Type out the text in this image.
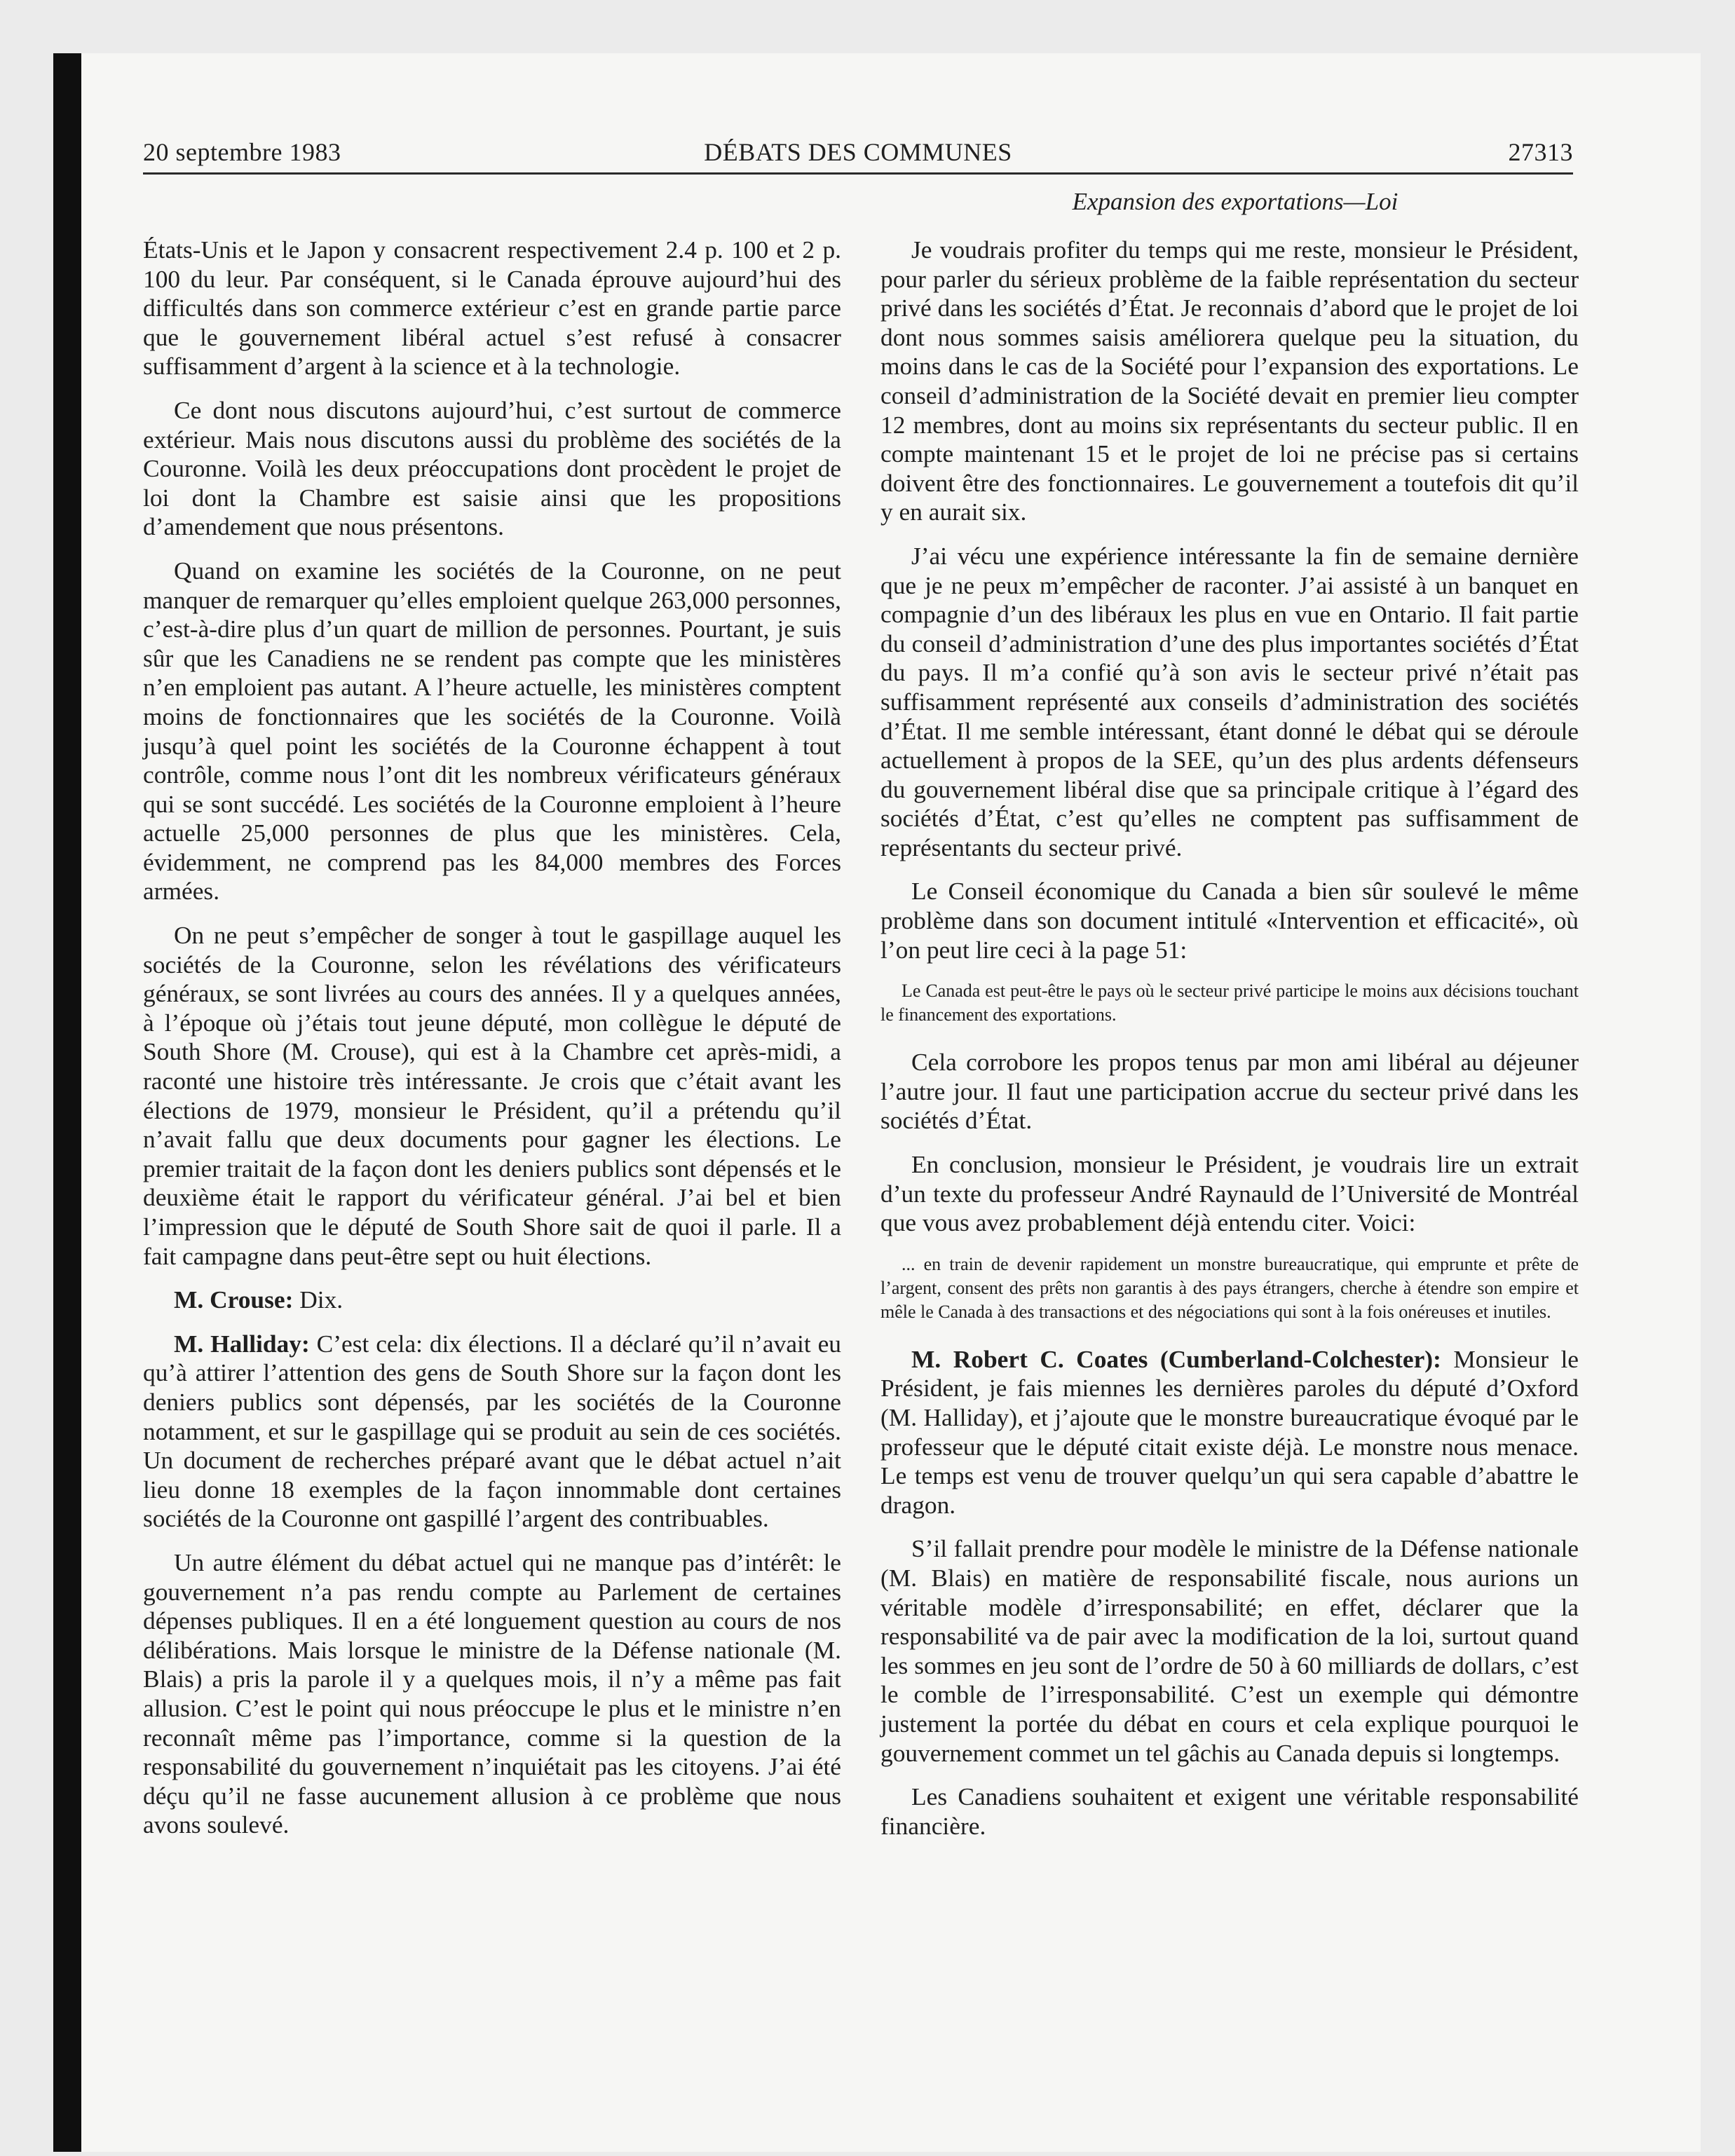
20 septembre 1983	DÉBATS DES COMMUNES	27313
Expansion des exportations—Loi

États-Unis et le Japon y consacrent respectivement 2.4 p. 100 et 2 p. 100 du leur. Par conséquent, si le Canada éprouve aujourd’hui des difficultés dans son commerce extérieur c’est en grande partie parce que le gouvernement libéral actuel s’est refusé à consacrer suffisamment d’argent à la science et à la technologie.

Ce dont nous discutons aujourd’hui, c’est surtout de commerce extérieur. Mais nous discutons aussi du problème des sociétés de la Couronne. Voilà les deux préoccupations dont procèdent le projet de loi dont la Chambre est saisie ainsi que les propositions d’amendement que nous présentons.

Quand on examine les sociétés de la Couronne, on ne peut manquer de remarquer qu’elles emploient quelque 263,000 personnes, c’est-à-dire plus d’un quart de million de personnes. Pourtant, je suis sûr que les Canadiens ne se rendent pas compte que les ministères n’en emploient pas autant. A l’heure actuelle, les ministères comptent moins de fonctionnaires que les sociétés de la Couronne. Voilà jusqu’à quel point les sociétés de la Couronne échappent à tout contrôle, comme nous l’ont dit les nombreux vérificateurs généraux qui se sont succédé. Les sociétés de la Couronne emploient à l’heure actuelle 25,000 personnes de plus que les ministères. Cela, évidemment, ne comprend pas les 84,000 membres des Forces armées.

On ne peut s’empêcher de songer à tout le gaspillage auquel les sociétés de la Couronne, selon les révélations des vérificateurs généraux, se sont livrées au cours des années. Il y a quelques années, à l’époque où j’étais tout jeune député, mon collègue le député de South Shore (M. Crouse), qui est à la Chambre cet après-midi, a raconté une histoire très intéressante. Je crois que c’était avant les élections de 1979, monsieur le Président, qu’il a prétendu qu’il n’avait fallu que deux documents pour gagner les élections. Le premier traitait de la façon dont les deniers publics sont dépensés et le deuxième était le rapport du vérificateur général. J’ai bel et bien l’impression que le député de South Shore sait de quoi il parle. Il a fait campagne dans peut-être sept ou huit élections.

M. Crouse: Dix.

M. Halliday: C’est cela: dix élections. Il a déclaré qu’il n’avait eu qu’à attirer l’attention des gens de South Shore sur la façon dont les deniers publics sont dépensés, par les sociétés de la Couronne notamment, et sur le gaspillage qui se produit au sein de ces sociétés. Un document de recherches préparé avant que le débat actuel n’ait lieu donne 18 exemples de la façon innommable dont certaines sociétés de la Couronne ont gaspillé l’argent des contribuables.

Un autre élément du débat actuel qui ne manque pas d’intérêt: le gouvernement n’a pas rendu compte au Parlement de certaines dépenses publiques. Il en a été longuement question au cours de nos délibérations. Mais lorsque le ministre de la Défense nationale (M. Blais) a pris la parole il y a quelques mois, il n’y a même pas fait allusion. C’est le point qui nous préoccupe le plus et le ministre n’en reconnaît même pas l’importance, comme si la question de la responsabilité du gouvernement n’inquiétait pas les citoyens. J’ai été déçu qu’il ne fasse aucunement allusion à ce problème que nous avons soulevé.

Je voudrais profiter du temps qui me reste, monsieur le Président, pour parler du sérieux problème de la faible représentation du secteur privé dans les sociétés d’État. Je reconnais d’abord que le projet de loi dont nous sommes saisis améliorera quelque peu la situation, du moins dans le cas de la Société pour l’expansion des exportations. Le conseil d’administration de la Société devait en premier lieu compter 12 membres, dont au moins six représentants du secteur public. Il en compte maintenant 15 et le projet de loi ne précise pas si certains doivent être des fonctionnaires. Le gouvernement a toutefois dit qu’il y en aurait six.

J’ai vécu une expérience intéressante la fin de semaine dernière que je ne peux m’empêcher de raconter. J’ai assisté à un banquet en compagnie d’un des libéraux les plus en vue en Ontario. Il fait partie du conseil d’administration d’une des plus importantes sociétés d’État du pays. Il m’a confié qu’à son avis le secteur privé n’était pas suffisamment représenté aux conseils d’administration des sociétés d’État. Il me semble intéressant, étant donné le débat qui se déroule actuellement à propos de la SEE, qu’un des plus ardents défenseurs du gouvernement libéral dise que sa principale critique à l’égard des sociétés d’État, c’est qu’elles ne comptent pas suffisamment de représentants du secteur privé.

Le Conseil économique du Canada a bien sûr soulevé le même problème dans son document intitulé «Intervention et efficacité», où l’on peut lire ceci à la page 51:

Le Canada est peut-être le pays où le secteur privé participe le moins aux décisions touchant le financement des exportations.

Cela corrobore les propos tenus par mon ami libéral au déjeuner l’autre jour. Il faut une participation accrue du secteur privé dans les sociétés d’État.

En conclusion, monsieur le Président, je voudrais lire un extrait d’un texte du professeur André Raynauld de l’Université de Montréal que vous avez probablement déjà entendu citer. Voici:

... en train de devenir rapidement un monstre bureaucratique, qui emprunte et prête de l’argent, consent des prêts non garantis à des pays étrangers, cherche à étendre son empire et mêle le Canada à des transactions et des négociations qui sont à la fois onéreuses et inutiles.

M. Robert C. Coates (Cumberland-Colchester): Monsieur le Président, je fais miennes les dernières paroles du député d’Oxford (M. Halliday), et j’ajoute que le monstre bureaucratique évoqué par le professeur que le député citait existe déjà. Le monstre nous menace. Le temps est venu de trouver quelqu’un qui sera capable d’abattre le dragon.

S’il fallait prendre pour modèle le ministre de la Défense nationale (M. Blais) en matière de responsabilité fiscale, nous aurions un véritable modèle d’irresponsabilité; en effet, déclarer que la responsabilité va de pair avec la modification de la loi, surtout quand les sommes en jeu sont de l’ordre de 50 à 60 milliards de dollars, c’est le comble de l’irresponsabilité. C’est un exemple qui démontre justement la portée du débat en cours et cela explique pourquoi le gouvernement commet un tel gâchis au Canada depuis si longtemps.

Les Canadiens souhaitent et exigent une véritable responsabilité financière.
